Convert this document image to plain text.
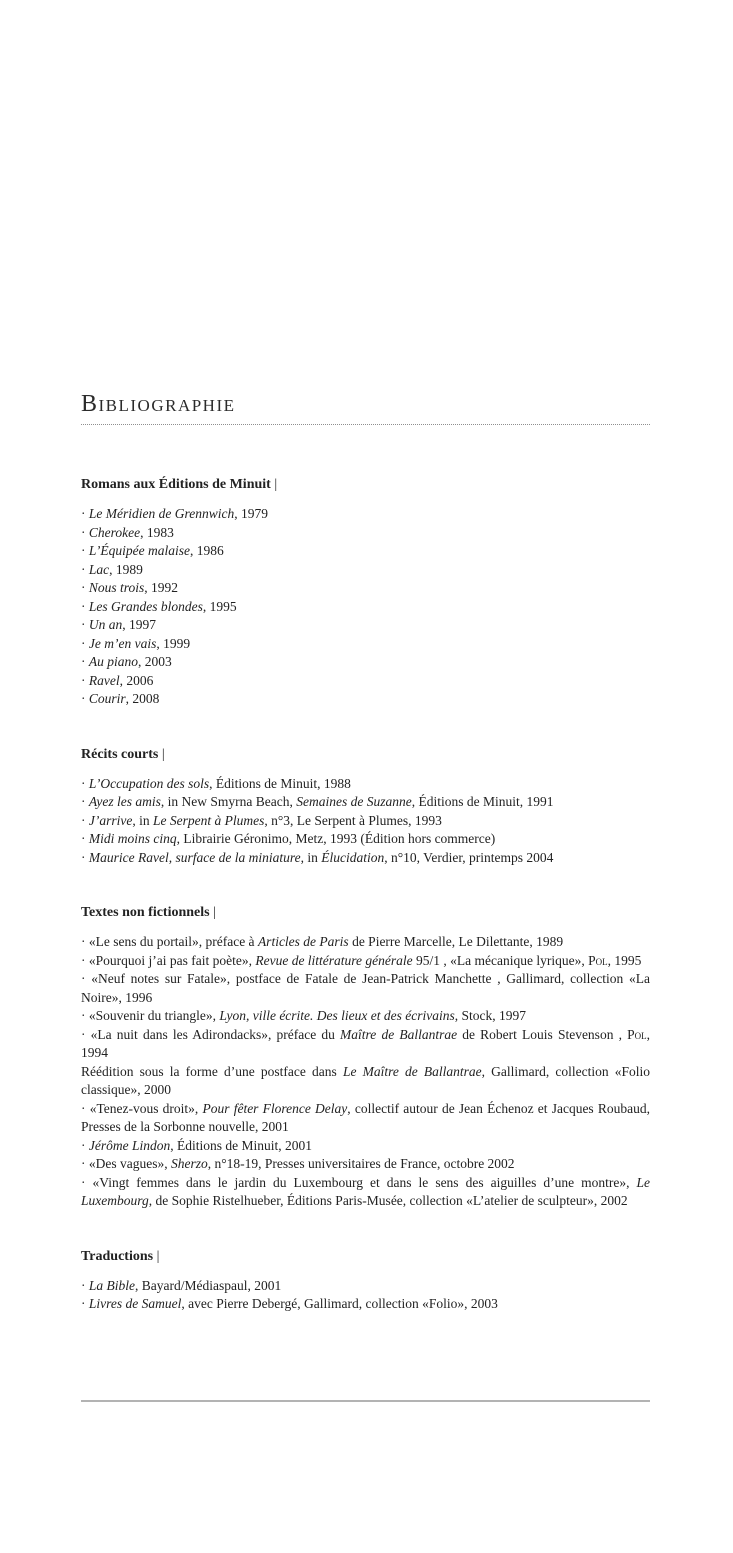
Bibliographie
Romans aux Éditions de Minuit |

· Le Méridien de Grennwich, 1979

· Cherokee, 1983

· L’Équipée malaise, 1986

· Lac, 1989

· Nous trois, 1992

· Les Grandes blondes, 1995

· Un an, 1997

· Je m’en vais, 1999

· Au piano, 2003

· Ravel, 2006

· Courir, 2008

Récits courts |

· L’Occupation des sols, Éditions de Minuit, 1988

· Ayez les amis, in New Smyrna Beach, Semaines de Suzanne, Éditions de Minuit, 1991

· J’arrive, in Le Serpent à Plumes, n°3, Le Serpent à Plumes, 1993

· Midi moins cinq, Librairie Géronimo, Metz, 1993 (Édition hors commerce)

· Maurice Ravel, surface de la miniature, in Élucidation, n°10, Verdier, printemps 2004

Textes non fictionnels |

· «Le sens du portail», préface à Articles de Paris de Pierre Marcelle, Le Dilettante, 1989

· «Pourquoi j’ai pas fait poète», Revue de littérature générale 95/1 , «La mécanique lyrique», Pol, 1995

· «Neuf notes sur Fatale», postface de Fatale de Jean-Patrick Manchette , Gallimard, collection «La Noire», 1996

· «Souvenir du triangle», Lyon, ville écrite. Des lieux et des écrivains, Stock, 1997

· «La nuit dans les Adirondacks», préface du Maître de Ballantrae de Robert Louis Stevenson , Pol, 1994

Réédition sous la forme d’une postface dans Le Maître de Ballantrae, Gallimard, collection «Folio classique», 2000

· «Tenez-vous droit», Pour fêter Florence Delay, collectif autour de Jean Échenoz et Jacques Roubaud, Presses de la Sorbonne nouvelle, 2001

· Jérôme Lindon, Éditions de Minuit, 2001

· «Des vagues», Sherzo, n°18-19, Presses universitaires de France, octobre 2002

· «Vingt femmes dans le jardin du Luxembourg et dans le sens des aiguilles d’une montre», Le Luxembourg, de Sophie Ristelhueber, Éditions Paris-Musée, collection «L’atelier de sculpteur», 2002

Traductions |

· La Bible, Bayard/Médiaspaul, 2001

· Livres de Samuel, avec Pierre Debergé, Gallimard, collection «Folio», 2003
